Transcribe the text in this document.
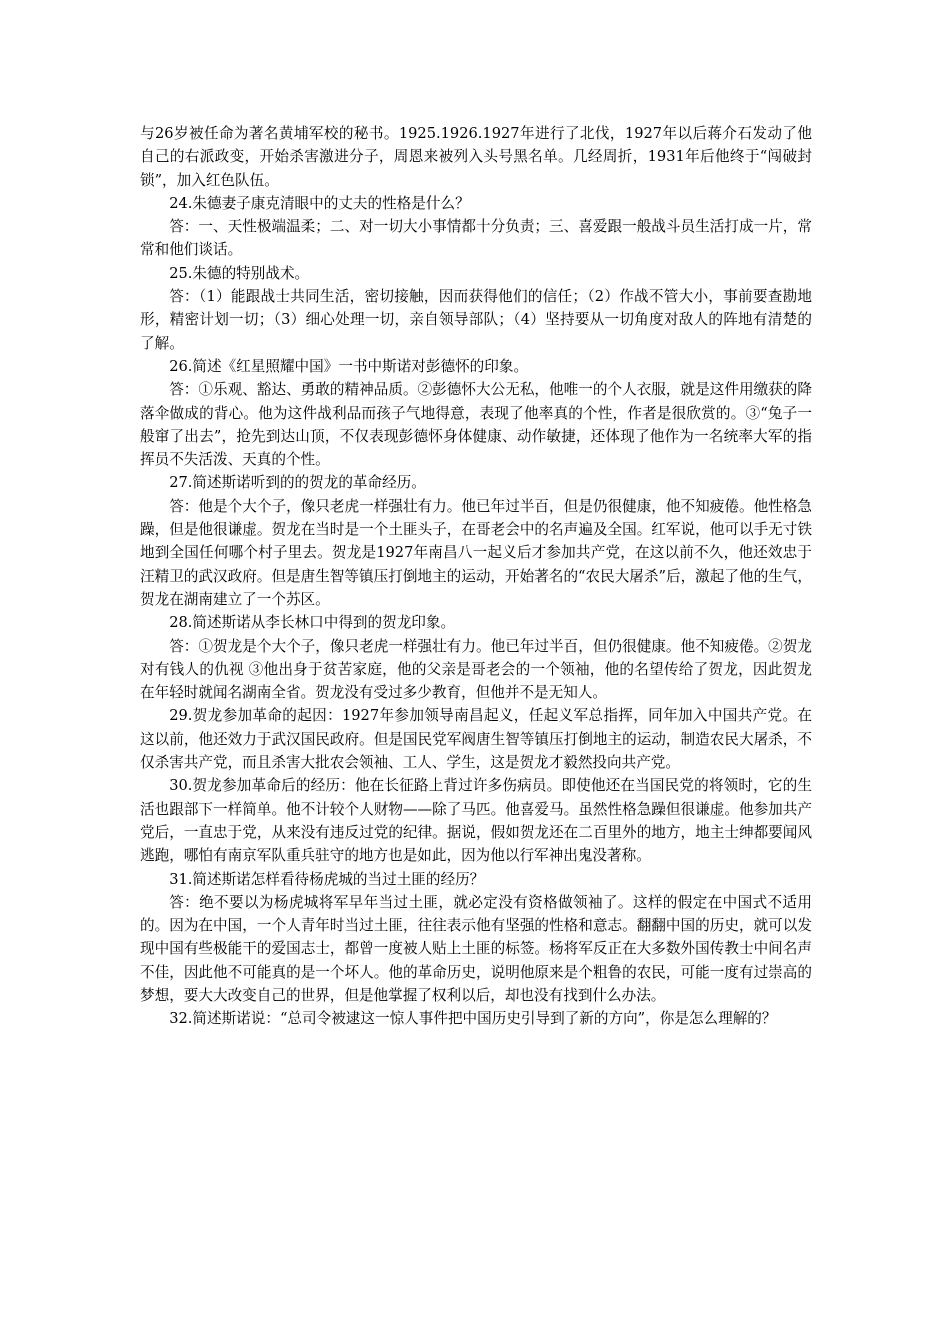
与26岁被任命为著名黄埔军校的秘书。1925.1926.1927年进行了北伐，1927年以后蒋介石发动了他自己的右派政变，开始杀害激进分子，周恩来被列入头号黑名单。几经周折，1931年后他终于“闯破封锁”，加入红色队伍。

24.朱德妻子康克清眼中的丈夫的性格是什么？

答：一、天性极端温柔；二、对一切大小事情都十分负责；三、喜爱跟一般战斗员生活打成一片，常常和他们谈话。

25.朱德的特别战术。

答：（1）能跟战士共同生活，密切接触，因而获得他们的信任；（2）作战不管大小，事前要查勘地形，精密计划一切；（3）细心处理一切，亲自领导部队；（4）坚持要从一切角度对敌人的阵地有清楚的了解。

26.简述《红星照耀中国》一书中斯诺对彭德怀的印象。

答：①乐观、豁达、勇敢的精神品质。②彭德怀大公无私，他唯一的个人衣服，就是这件用缴获的降落伞做成的背心。他为这件战利品而孩子气地得意，表现了他率真的个性，作者是很欣赏的。③“兔子一般窜了出去”，抢先到达山顶，不仅表现彭德怀身体健康、动作敏捷，还体现了他作为一名统率大军的指挥员不失活泼、天真的个性。

27.简述斯诺听到的的贺龙的革命经历。

答：他是个大个子，像只老虎一样强壮有力。他已年过半百，但是仍很健康，他不知疲倦。他性格急躁，但是他很谦虚。贺龙在当时是一个土匪头子，在哥老会中的名声遍及全国。红军说，他可以手无寸铁地到全国任何哪个村子里去。贺龙是1927年南昌八一起义后才参加共产党，在这以前不久，他还效忠于汪精卫的武汉政府。但是唐生智等镇压打倒地主的运动，开始著名的“农民大屠杀”后，激起了他的生气，贺龙在湖南建立了一个苏区。

28.简述斯诺从李长林口中得到的贺龙印象。

答：①贺龙是个大个子，像只老虎一样强壮有力。他已年过半百，但仍很健康。他不知疲倦。②贺龙对有钱人的仇视 ③他出身于贫苦家庭，他的父亲是哥老会的一个领袖，他的名望传给了贺龙，因此贺龙在年轻时就闻名湖南全省。贺龙没有受过多少教育，但他并不是无知人。

29.贺龙参加革命的起因：1927年参加领导南昌起义，任起义军总指挥，同年加入中国共产党。在这以前，他还效力于武汉国民政府。但是国民党军阀唐生智等镇压打倒地主的运动，制造农民大屠杀，不仅杀害共产党，而且杀害大批农会领袖、工人、学生，这是贺龙才毅然投向共产党。

30.贺龙参加革命后的经历：他在长征路上背过许多伤病员。即使他还在当国民党的将领时，它的生活也跟部下一样简单。他不计较个人财物——除了马匹。他喜爱马。虽然性格急躁但很谦虚。他参加共产党后，一直忠于党，从来没有违反过党的纪律。据说，假如贺龙还在二百里外的地方，地主士绅都要闻风逃跑，哪怕有南京军队重兵驻守的地方也是如此，因为他以行军神出鬼没著称。

31.简述斯诺怎样看待杨虎城的当过土匪的经历？

答：绝不要以为杨虎城将军早年当过土匪，就必定没有资格做领袖了。这样的假定在中国式不适用的。因为在中国，一个人青年时当过土匪，往往表示他有坚强的性格和意志。翻翻中国的历史，就可以发现中国有些极能干的爱国志士，都曾一度被人贴上土匪的标签。杨将军反正在大多数外国传教士中间名声不佳，因此他不可能真的是一个坏人。他的革命历史，说明他原来是个粗鲁的农民，可能一度有过崇高的梦想，要大大改变自己的世界，但是他掌握了权利以后，却也没有找到什么办法。

32.简述斯诺说：“总司令被逮这一惊人事件把中国历史引导到了新的方向”，你是怎么理解的？
